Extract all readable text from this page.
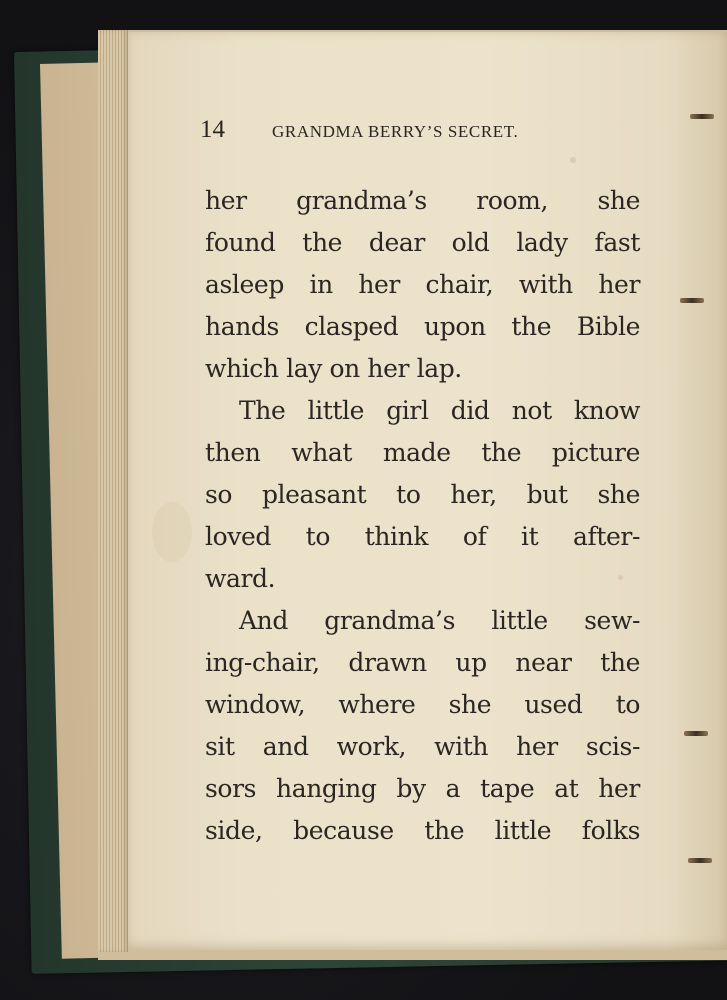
14	GRANDMA BERRY’S SECRET.
her grandma’s room, she
found the dear old lady fast
asleep in her chair, with her
hands clasped upon the Bible
which lay on her lap.
The little girl did not know
then what made the picture
so pleasant to her, but she
loved to think of it after-
ward.
And grandma’s little sew-
ing-chair, drawn up near the
window, where she used to
sit and work, with her scis-
sors hanging by a tape at her
side, because the little folks
